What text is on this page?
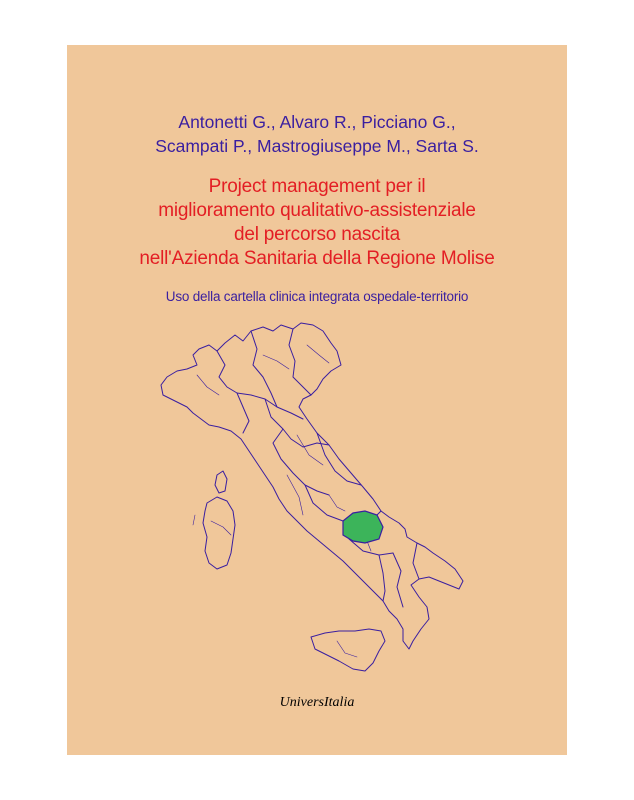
Antonetti G., Alvaro R., Picciano G.,
Scampati P., Mastrogiuseppe M., Sarta S.
Project management per il
miglioramento qualitativo-assistenziale
del percorso nascita
nell'Azienda Sanitaria della Regione Molise
Uso della cartella clinica integrata ospedale-territorio
UniversItalia
